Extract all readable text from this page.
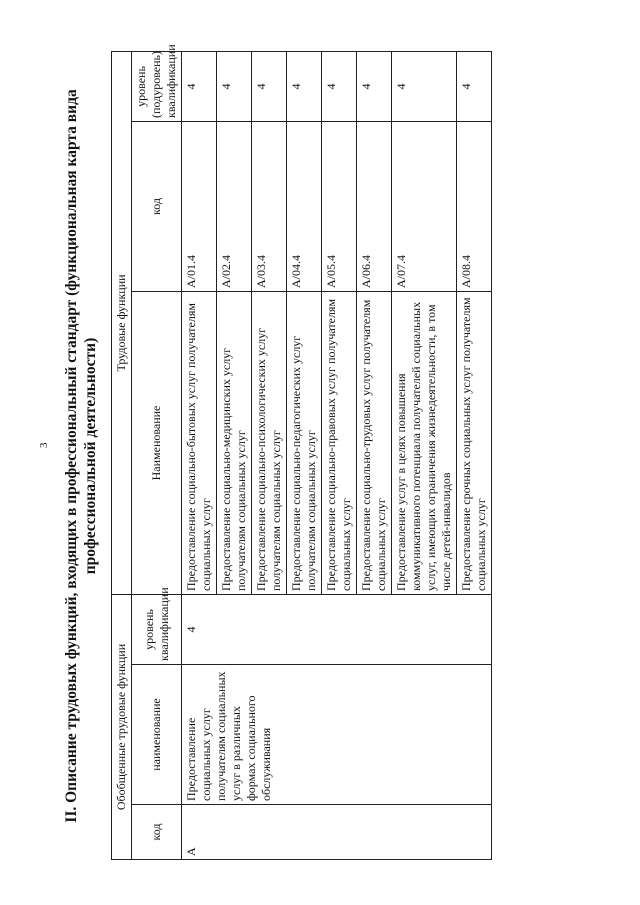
3 II. Описание трудовых функций, входящих в профессиональный стандарт (функциональная карта вида профессиональной деятельности)
Обобщенные трудовые функции			Трудовые функции		
код	наименование	уровень квалификации	Наименование	код	уровень (подуровень) квалификации
A	Предоставление социальных услуг получателям социальных услуг в различных формах социального обслуживания	4	Предоставление социально-бытовых услуг получателям социальных услуг	A/01.4	4
			Предоставление социально-медицинских услуг получателям социальных услуг	A/02.4	4
			Предоставление социально-психологических услуг получателям социальных услуг	A/03.4	4
			Предоставление социально-педагогических услуг получателям социальных услуг	A/04.4	4
			Предоставление социально-правовых услуг получателям социальных услуг	A/05.4	4
			Предоставление социально-трудовых услуг получателям социальных услуг	A/06.4	4
			Предоставление услуг в целях повышения коммуникативного потенциала получателей социальных услуг, имеющих ограничения жизнедеятельности, в том числе детей-инвалидов	A/07.4	4
			Предоставление срочных социальных услуг получателям социальных услуг	A/08.4	4
